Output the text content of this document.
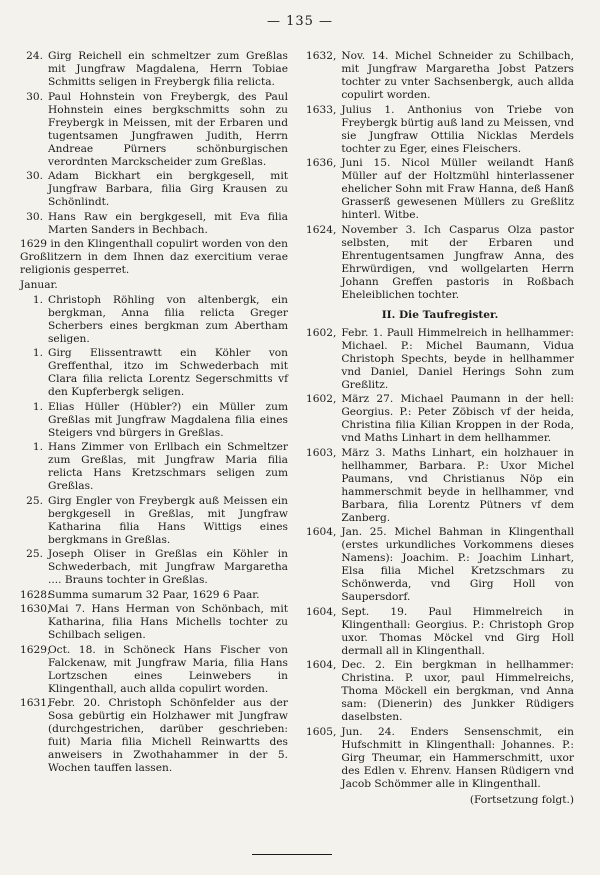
— 135 —
24. Girg Reichell ein schmeltzer zum Greßlas mit Jungfraw Magdalena, Herrn Tobiae Schmitts seligen in Freybergk filia relicta.
30. Paul Hohnstein von Freybergk, des Paul Hohnstein eines bergkschmitts sohn zu Freybergk in Meissen, mit der Erbaren und tugentsamen Jungfrawen Judith, Herrn Andreae Pürners schönburgischen verordnten Marckscheider zum Greßlas.
30. Adam Bickhart ein bergkgesell, mit Jungfraw Barbara, filia Girg Krausen zu Schönlindt.
30. Hans Raw ein bergkgesell, mit Eva filia Marten Sanders in Bechbach.
1629 in den Klingenthall copulirt worden von den Großlitzern in dem Ihnen daz exercitium verae religionis gesperret.
Januar.
1. Christoph Röhling von altenbergk, ein bergkman, Anna filia relicta Greger Scherbers eines bergkman zum Abertham seligen.
1. Girg Elissentrawtt ein Köhler von Greffenthal, itzo im Schwederbach mit Clara filia relicta Lorentz Segerschmitts vf den Kupferbergk seligen.
1. Elias Hüller (Hübler?) ein Müller zum Greßlas mit Jungfraw Magdalena filia eines Steigers vnd bürgers in Greßlas.
1. Hans Zimmer von Erllbach ein Schmeltzer zum Greßlas, mit Jungfraw Maria filia relicta Hans Kretzschmars seligen zum Greßlas.
25. Girg Engler von Freybergk auß Meissen ein bergkgesell in Greßlas, mit Jungfraw Katharina filia Hans Wittigs eines bergkmans in Greßlas.
25. Joseph Oliser in Greßlas ein Köhler in Schwederbach, mit Jungfraw Margaretha .... Brauns tochter in Greßlas.
1628:
Summa sumarum 32 Paar, 1629 6 Paar.
1630,
Mai 7. Hans Herman von Schönbach, mit Katharina, filia Hans Michells tochter zu Schilbach seligen.
1629,
Oct. 18. in Schöneck Hans Fischer von Falckenaw, mit Jungfraw Maria, filia Hans Lortzschen eines Leinwebers in Klingenthall, auch allda copulirt worden.
1631,
Febr. 20. Christoph Schönfelder aus der Sosa gebürtig ein Holzhawer mit Jungfraw (durchgestrichen, darüber geschrieben: fuit) Maria filia Michell Reinwartts des anweisers in Zwothahammer in der 5. Wochen tauffen lassen.
1632, Nov. 14. Michel Schneider zu Schilbach, mit Jungfraw Margaretha Jobst Patzers tochter zu vnter Sachsenbergk, auch allda copulirt worden.
1633, Julius 1. Anthonius von Triebe von Freybergk bürtig auß land zu Meissen, vnd sie Jungfraw Ottilia Nicklas Merdels tochter zu Eger, eines Fleischers.
1636, Juni 15. Nicol Müller weilandt Hanß Müller auf der Holtzmühl hinterlassener ehelicher Sohn mit Fraw Hanna, deß Hanß Grasserß gewesenen Müllers zu Greßlitz hinterl. Witbe.
1624, November 3. Ich Casparus Olza pastor selbsten, mit der Erbaren und Ehrentugentsamen Jungfraw Anna, des Ehrwürdigen, vnd wollgelarten Herrn Johann Greffen pastoris in Roßbach Eheleiblichen tochter.
II. Die Taufregister.
1602, Febr. 1. Paull Himmelreich in hellhammer: Michael. P.: Michel Baumann, Vidua Christoph Spechts, beyde in hellhammer vnd Daniel, Daniel Herings Sohn zum Greßlitz.
1602, März 27. Michael Paumann in der hell: Georgius. P.: Peter Zöbisch vf der heida, Christina filia Kilian Kroppen in der Roda, vnd Maths Linhart in dem hellhammer.
1603, März 3. Maths Linhart, ein holzhauer in hellhammer, Barbara. P.: Uxor Michel Paumans, vnd Christianus Nöp ein hammerschmit beyde in hellhammer, vnd Barbara, filia Lorentz Pütners vf dem Zanberg.
1604, Jan. 25. Michel Bahman in Klingenthall (erstes urkundliches Vorkommens dieses Namens): Joachim. P.: Joachim Linhart, Elsa filia Michel Kretzschmars zu Schönwerda, vnd Girg Holl von Saupersdorf.
1604, Sept. 19. Paul Himmelreich in Klingenthall: Georgius. P.: Christoph Grop uxor. Thomas Möckel vnd Girg Holl dermall all in Klingenthall.
1604, Dec. 2. Ein bergkman in hellhammer: Christina. P. uxor, paul Himmelreichs, Thoma Möckell ein bergkman, vnd Anna sam: (Dienerin) des Junkker Rüdigers daselbsten.
1605, Jun. 24. Enders Sensenschmit, ein Hufschmitt in Klingenthall: Johannes. P.: Girg Theumar, ein Hammerschmitt, uxor des Edlen v. Ehrenv. Hansen Rüdigern vnd Jacob Schömmer alle in Klingenthall.
(Fortsetzung folgt.)
